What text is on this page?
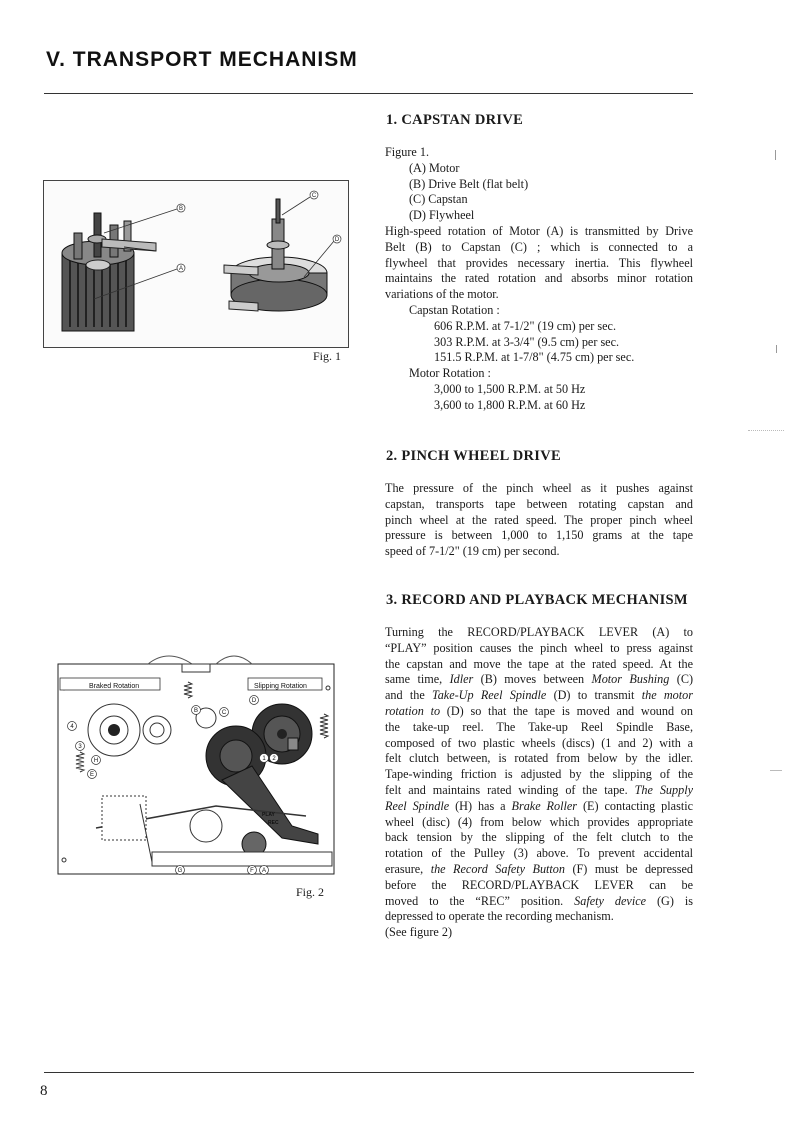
V. TRANSPORT MECHANISM
B
A
C
D
Fig. 1
Braked Rotation	Slipping Rotation
PLAY
REC
4
3
H
E
B	C
D
1 2
G	F A
Fig. 2
1. CAPSTAN DRIVE
Figure 1.
(A) Motor
(B) Drive Belt (flat belt)
(C) Capstan
(D) Flywheel
High-speed rotation of Motor (A) is transmitted by Drive
Belt (B) to Capstan (C) ; which is connected to a
flywheel that provides necessary inertia. This flywheel
maintains the rated rotation and absorbs minor rotation
variations of the motor.
Capstan Rotation :
606 R.P.M. at 7-1/2" (19 cm) per sec.
303 R.P.M. at 3-3/4" (9.5 cm) per sec.
151.5 R.P.M. at 1-7/8" (4.75 cm) per sec.
Motor Rotation :
3,000 to 1,500 R.P.M. at 50 Hz
3,600 to 1,800 R.P.M. at 60 Hz
2. PINCH WHEEL DRIVE
The pressure of the pinch wheel as it pushes against
capstan, transports tape between rotating capstan and
pinch wheel at the rated speed. The proper pinch wheel
pressure is between 1,000 to 1,150 grams at the tape
speed of 7-1/2" (19 cm) per second.
3. RECORD AND PLAYBACK MECHANISM
Turning the RECORD/PLAYBACK LEVER (A) to
“PLAY” position causes the pinch wheel to press against
the capstan and move the tape at the rated speed. At the
same time, Idler (B) moves between Motor Bushing (C)
and the Take-Up Reel Spindle (D) to transmit the motor
rotation to (D) so that the tape is moved and wound on
the take-up reel. The Take-up Reel Spindle Base,
composed of two plastic wheels (discs) (1 and 2) with a
felt clutch between, is rotated from below by the idler.
Tape-winding friction is adjusted by the slipping of the
felt and maintains rated winding of the tape. The Supply
Reel Spindle (H) has a Brake Roller (E) contacting plastic
wheel (disc) (4) from below which provides appropriate
back tension by the slipping of the felt clutch to the
rotation of the Pulley (3) above. To prevent accidental
erasure, the Record Safety Button (F) must be depressed
before the RECORD/PLAYBACK LEVER can be
moved to the “REC” position. Safety device (G) is
depressed to operate the recording mechanism.
(See figure 2)
8
